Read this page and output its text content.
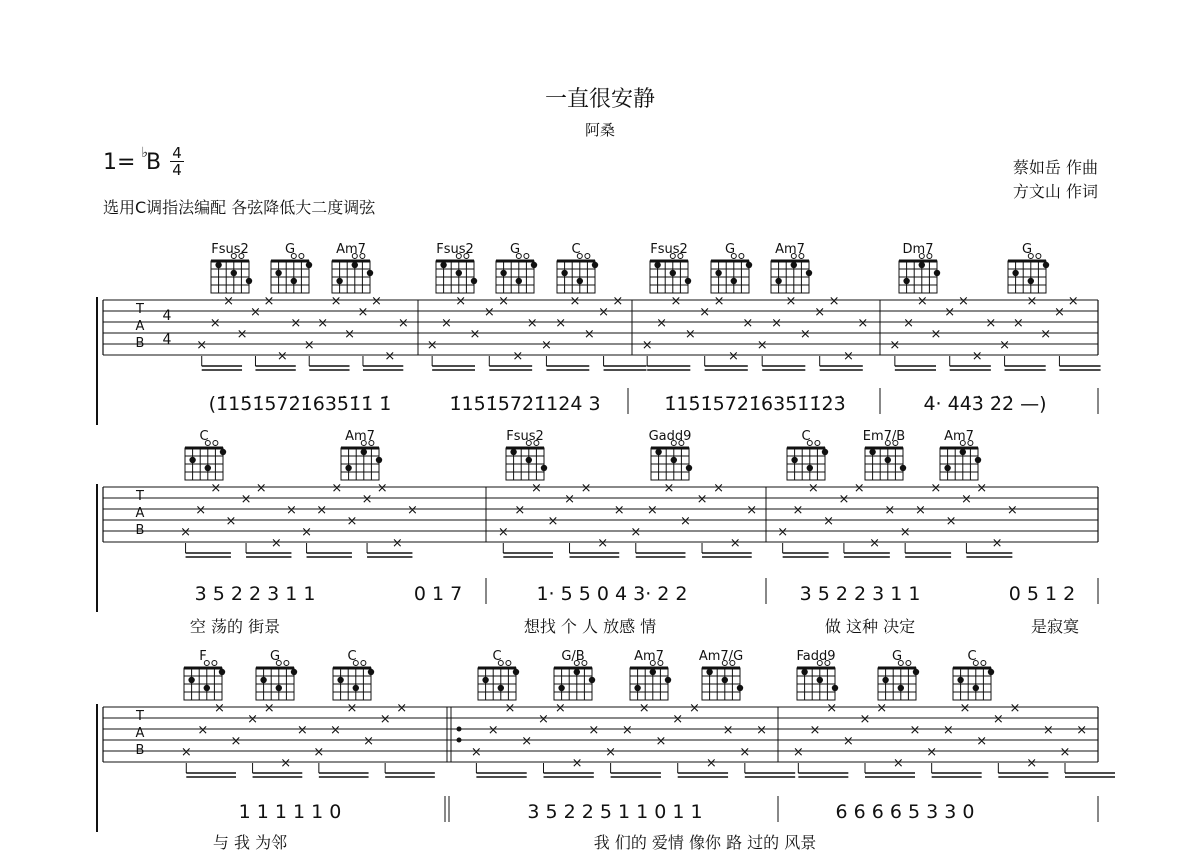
一直很安静
阿桑
1= ♭B 4
4
选用C调指法编配 各弦降低大二度调弦
蔡如岳 作曲
方文山 作词
Fsus2	G	Am7	Fsus2	G	C	Fsus2	G	Am7	Dm7	G
T
A
B
4
4 ×
×
×
×
×
×
×
×
×
×
×
×
×
×
×
×
×
×
×
×
×
×
×
×
×
×
×
×
×
×
×
×
×
×
×
×
×
×
×
×
×
×
×
×
×
×
×
×
×
×
×
×
×
×
×
×
×
×
×
×
(1̇15̇1̇572̇1̇635̇1̇1̇ 1̇	1̇15̇1̇572̇1̇124̇ 3	1̇15̇1̇572̇1̇635̇1̇1̇2̇3̇	4̇· 4̇4̇3̇ 2̇2̇ —)
C	Am7	Fsus2	Gadd9	C	Em7/B	Am7
T
A
B	×
×
×
×
×
×
×
×
×
×
×
×
×
×
×
×
×
×
×
×
×
×
×
×
×
×
×
×
×
×
×
×
×
×
×
×
×
×
×
×
×
×
×
×
×
×
×
×
3 5 2 2 3 1 1	0 1 7	1· 5 5 0 4 3· 2 2	3 5 2 2 3 1 1	0 5 1 2
空 荡的 街景	想找 个 人 放感 情	做 这种 决定	是寂寞
F	G	C	C	G/B	Am7	Am7/G	Fadd9	G	C
T
A
B	×
×
×
×
×
×
×
×
×
×
×
×
×
×
×
×
×
×
×
×
×
×
×
×
×
×
×
×
×
×
×
×
×
×
×
×
×
×
×
×
×
×
×
×
×
×
×
×
×
×
1 1 1 1 1 0	3 5 2 2 5 1 1 0 1 1	6 6 6 6 5 3 3 0
与 我 为邻	我 们的 爱情 像你 路 过的 风景
